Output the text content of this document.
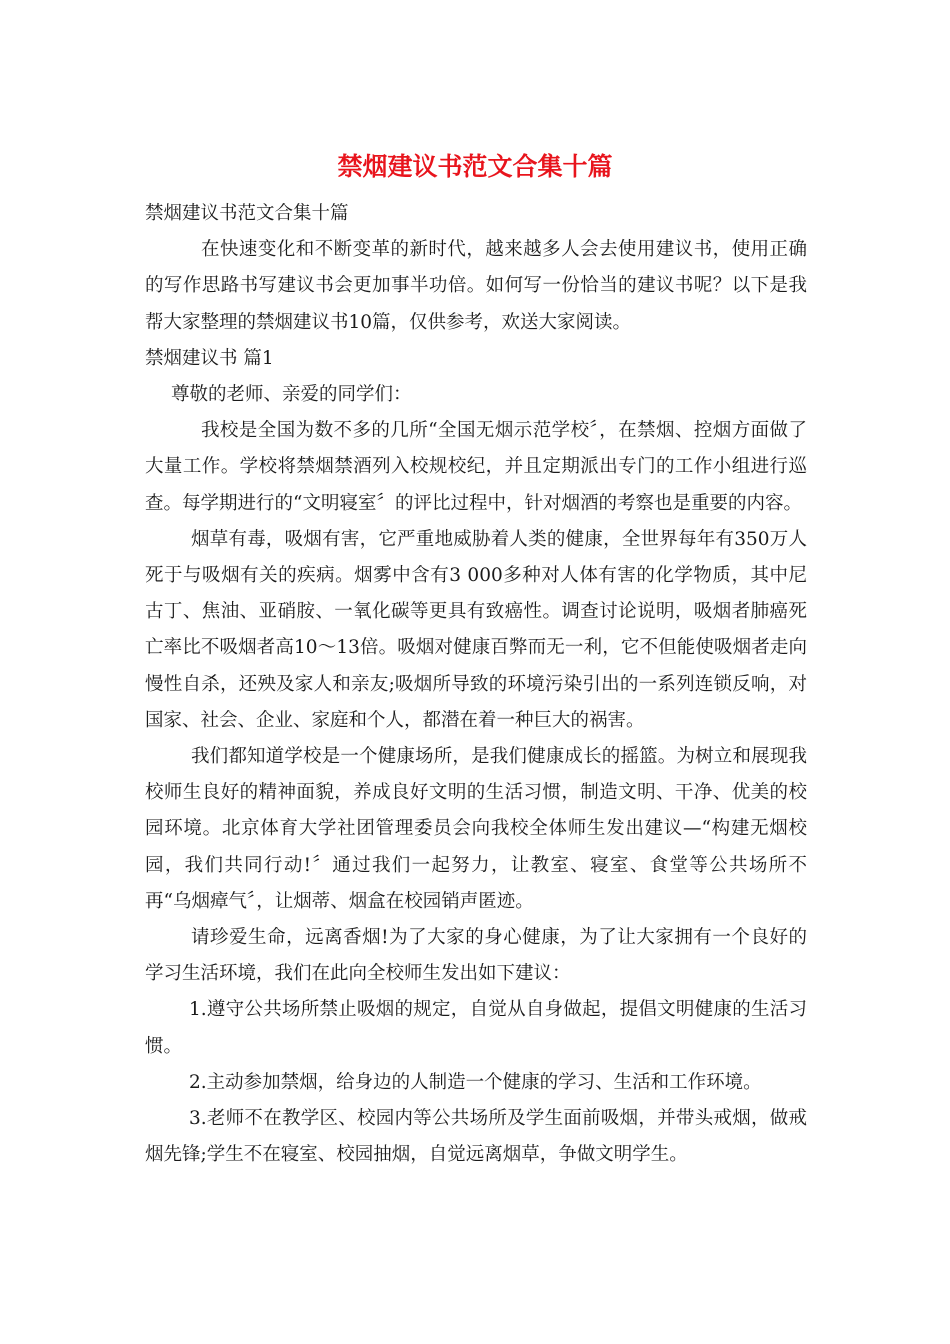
禁烟建议书范文合集十篇

禁烟建议书范文合集十篇

在快速变化和不断变革的新时代，越来越多人会去使用建议书，使用正确的写作思路书写建议书会更加事半功倍。如何写一份恰当的建议书呢？以下是我帮大家整理的禁烟建议书10篇，仅供参考，欢送大家阅读。

禁烟建议书 篇1

尊敬的老师、亲爱的同学们：

我校是全国为数不多的几所“全国无烟示范学校〞，在禁烟、控烟方面做了大量工作。学校将禁烟禁酒列入校规校纪，并且定期派出专门的工作小组进行巡查。每学期进行的“文明寝室〞的评比过程中，针对烟酒的考察也是重要的内容。

烟草有毒，吸烟有害，它严重地威胁着人类的健康，全世界每年有350万人死于与吸烟有关的疾病。烟雾中含有3 000多种对人体有害的化学物质，其中尼古丁、焦油、亚硝胺、一氧化碳等更具有致癌性。调查讨论说明，吸烟者肺癌死亡率比不吸烟者高10～13倍。吸烟对健康百弊而无一利，它不但能使吸烟者走向慢性自杀，还殃及家人和亲友;吸烟所导致的环境污染引出的一系列连锁反响，对国家、社会、企业、家庭和个人，都潜在着一种巨大的祸害。

我们都知道学校是一个健康场所，是我们健康成长的摇篮。为树立和展现我校师生良好的精神面貌，养成良好文明的生活习惯，制造文明、干净、优美的校园环境。北京体育大学社团管理委员会向我校全体师生发出建议—“构建无烟校园，我们共同行动!〞通过我们一起努力，让教室、寝室、食堂等公共场所不再“乌烟瘴气〞，让烟蒂、烟盒在校园销声匿迹。

请珍爱生命，远离香烟!为了大家的身心健康，为了让大家拥有一个良好的学习生活环境，我们在此向全校师生发出如下建议：

1.遵守公共场所禁止吸烟的规定，自觉从自身做起，提倡文明健康的生活习惯。

2.主动参加禁烟，给身边的人制造一个健康的学习、生活和工作环境。

3.老师不在教学区、校园内等公共场所及学生面前吸烟，并带头戒烟，做戒烟先锋;学生不在寝室、校园抽烟，自觉远离烟草，争做文明学生。
